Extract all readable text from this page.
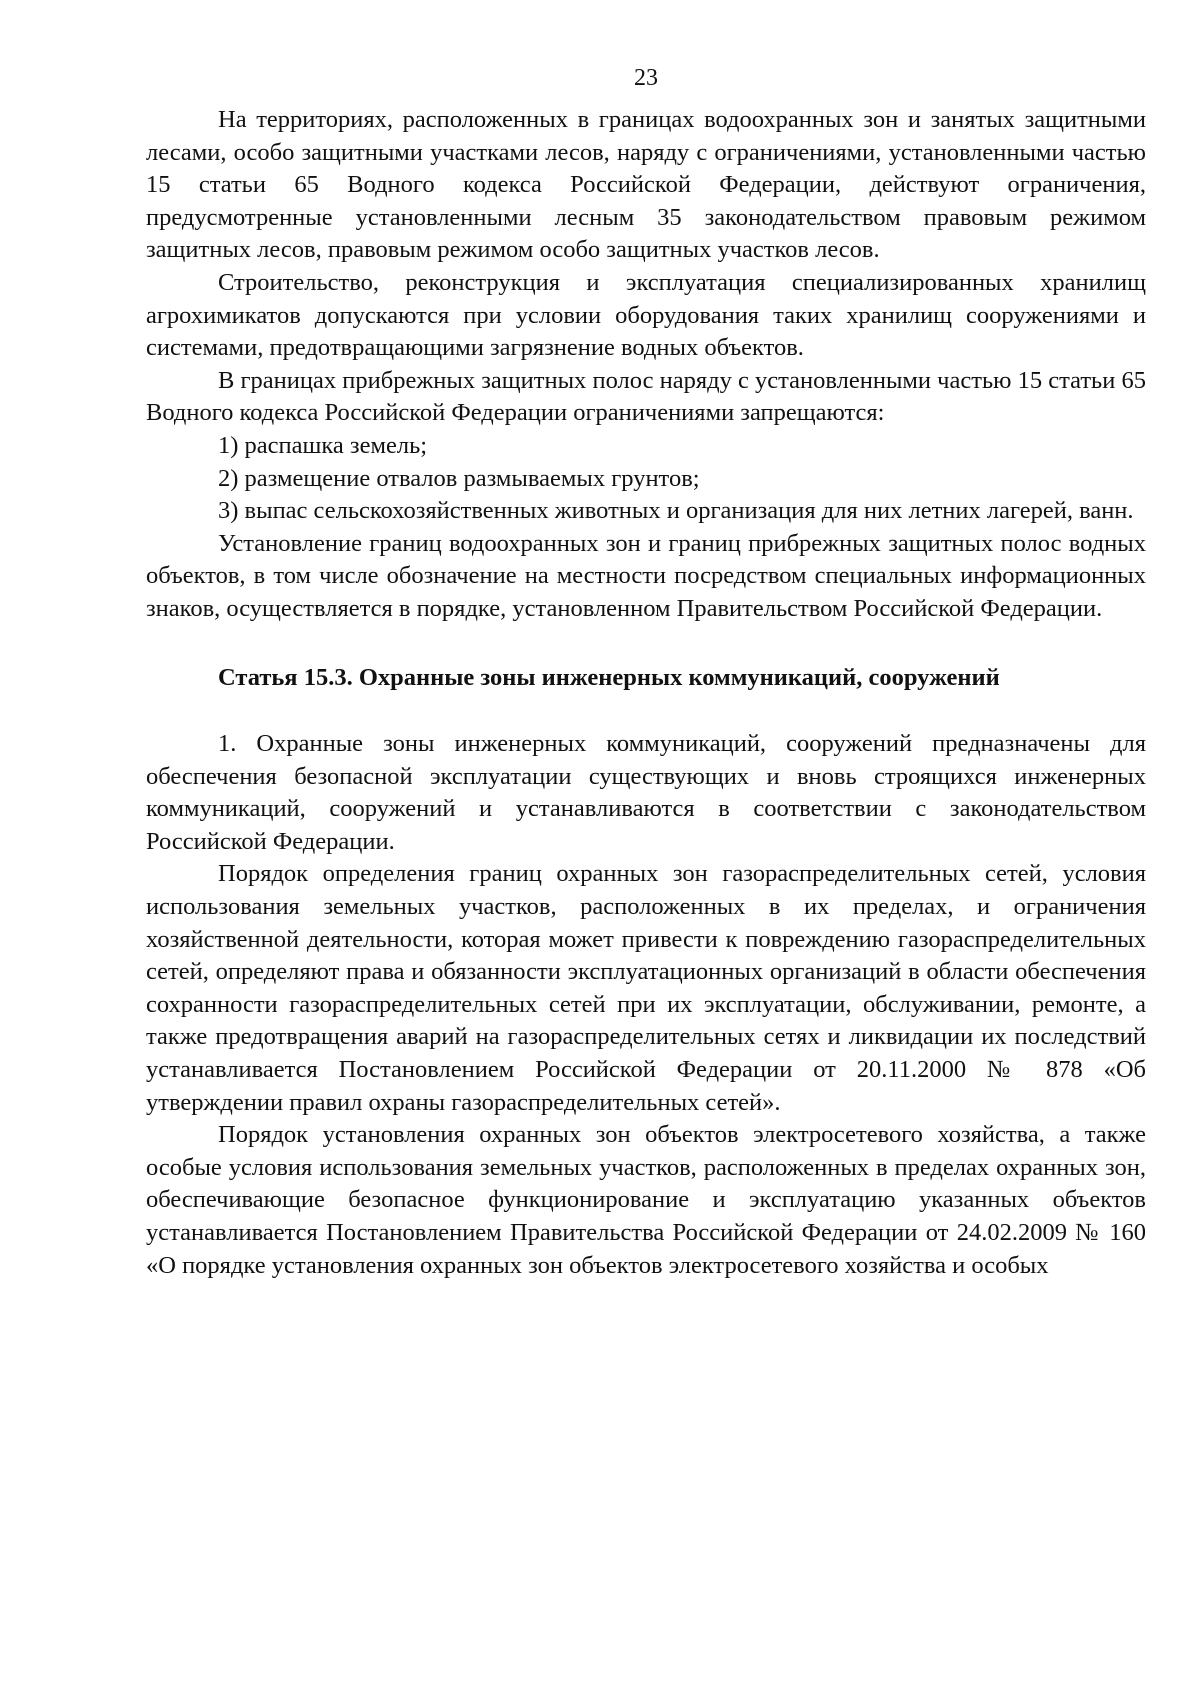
23

На территориях, расположенных в границах водоохранных зон и занятых защитными лесами, особо защитными участками лесов, наряду с ограничениями, установленными частью 15 статьи 65 Водного кодекса Российской Федерации, действуют ограничения, предусмотренные установленными лесным 35 законодательством правовым режимом защитных лесов, правовым режимом особо защитных участков лесов.

Строительство, реконструкция и эксплуатация специализированных хранилищ агрохимикатов допускаются при условии оборудования таких хранилищ сооружениями и системами, предотвращающими загрязнение водных объектов.

В границах прибрежных защитных полос наряду с установленными частью 15 статьи 65 Водного кодекса Российской Федерации ограничениями запрещаются:

1) распашка земель;

2) размещение отвалов размываемых грунтов;

3) выпас сельскохозяйственных животных и организация для них летних лагерей, ванн.

Установление границ водоохранных зон и границ прибрежных защитных полос водных объектов, в том числе обозначение на местности посредством специальных информационных знаков, осуществляется в порядке, установленном Правительством Российской Федерации.

Статья 15.3. Охранные зоны инженерных коммуникаций, сооружений

1. Охранные зоны инженерных коммуникаций, сооружений предназначены для обеспечения безопасной эксплуатации существующих и вновь строящихся инженерных коммуникаций, сооружений и устанавливаются в соответствии с законодательством Российской Федерации.

Порядок определения границ охранных зон газораспределительных сетей, условия использования земельных участков, расположенных в их пределах, и ограничения хозяйственной деятельности, которая может привести к повреждению газораспределительных сетей, определяют права и обязанности эксплуатационных организаций в области обеспечения сохранности газораспределительных сетей при их эксплуатации, обслуживании, ремонте, а также предотвращения аварий на газораспределительных сетях и ликвидации их последствий устанавливается Постановлением Российской Федерации от 20.11.2000 № 878 «Об утверждении правил охраны газораспределительных сетей».

Порядок установления охранных зон объектов электросетевого хозяйства, а также особые условия использования земельных участков, расположенных в пределах охранных зон, обеспечивающие безопасное функционирование и эксплуатацию указанных объектов устанавливается Постановлением Правительства Российской Федерации от 24.02.2009 № 160 «О порядке установления охранных зон объектов электросетевого хозяйства и особых
